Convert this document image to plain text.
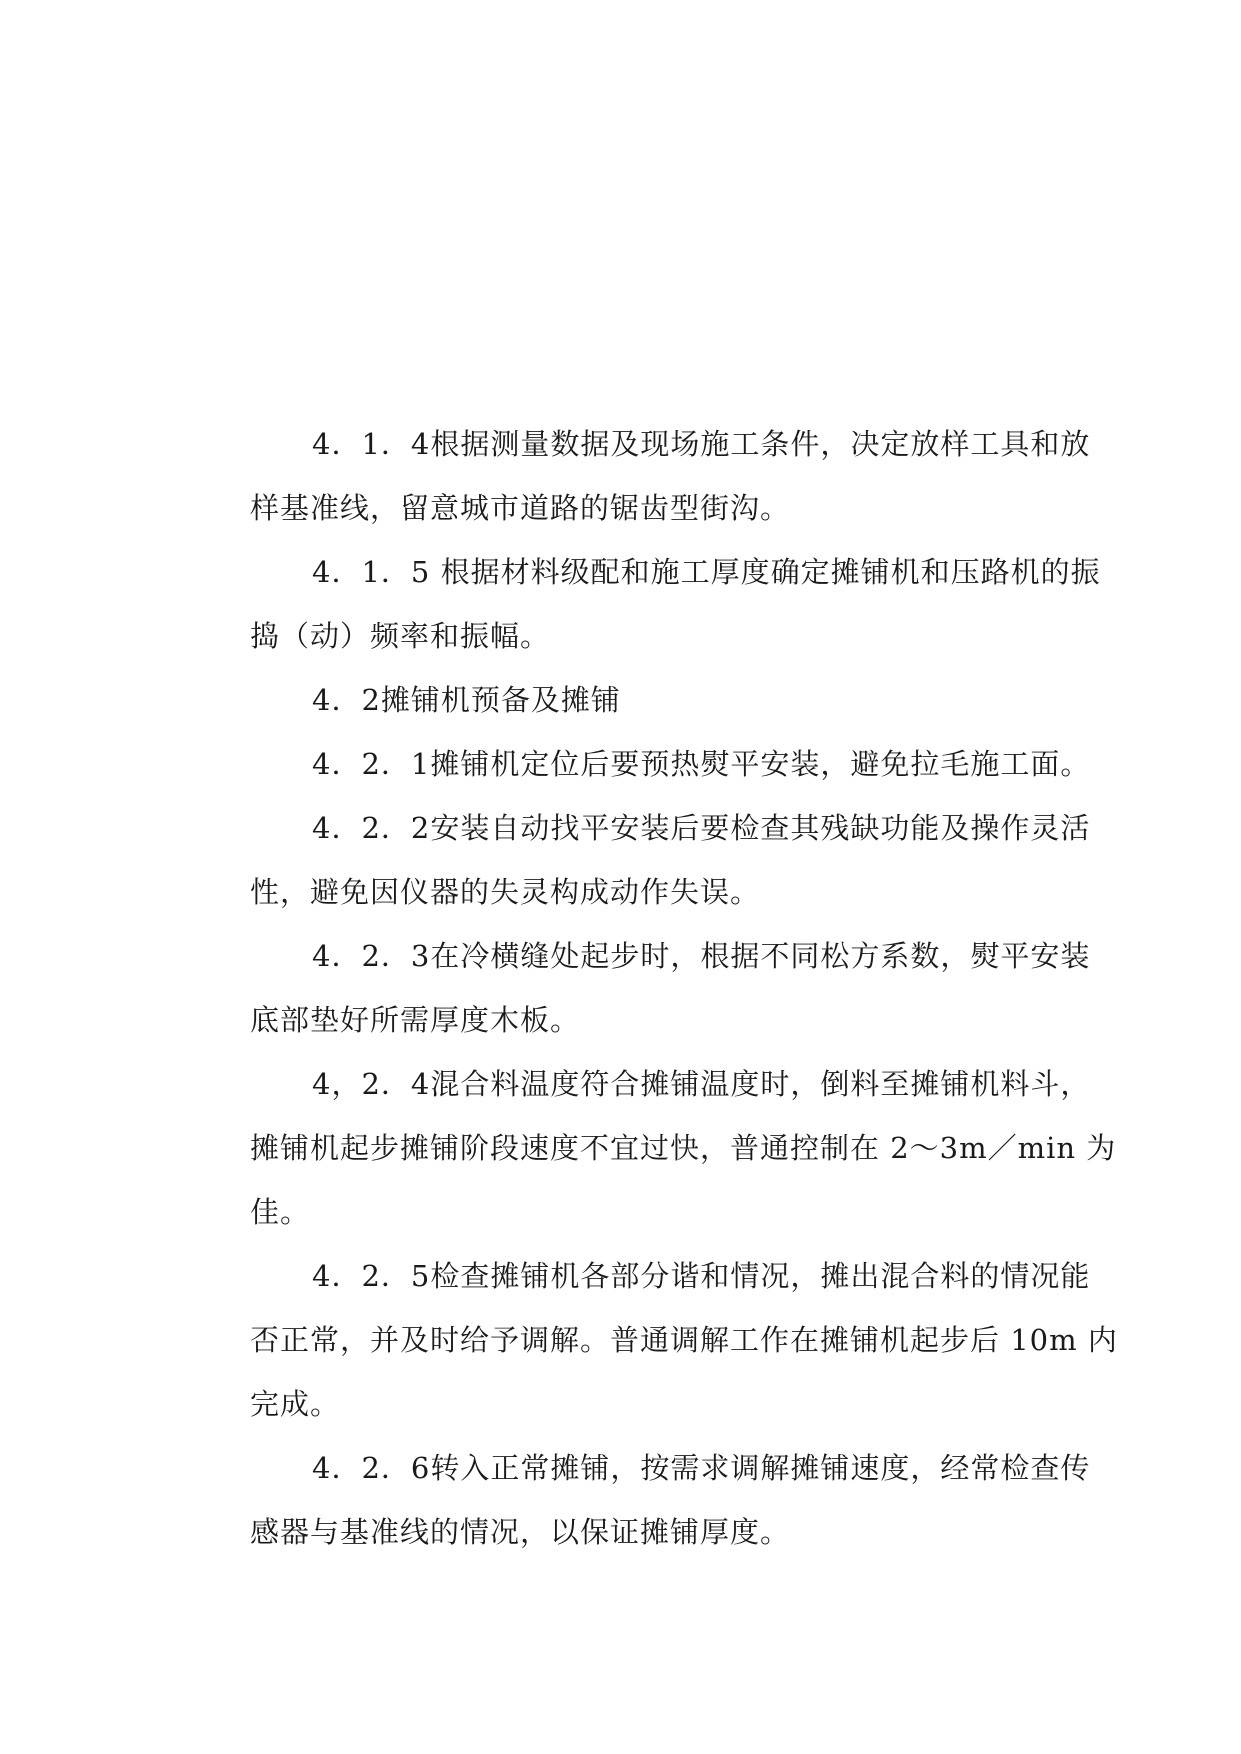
4．1．4根据测量数据及现场施工条件，决定放样工具和放
样基准线，留意城市道路的锯齿型街沟。

4．1．5 根据材料级配和施工厚度确定摊铺机和压路机的振
捣（动）频率和振幅。

4．2摊铺机预备及摊铺

4．2．1摊铺机定位后要预热熨平安装，避免拉毛施工面。

4．2．2安装自动找平安装后要检查其残缺功能及操作灵活
性，避免因仪器的失灵构成动作失误。

4．2．3在冷横缝处起步时，根据不同松方系数，熨平安装
底部垫好所需厚度木板。

4，2．4混合料温度符合摊铺温度时，倒料至摊铺机料斗，
摊铺机起步摊铺阶段速度不宜过快，普通控制在 2～3m／min 为
佳。

4．2．5检查摊铺机各部分谐和情况，摊出混合料的情况能
否正常，并及时给予调解。普通调解工作在摊铺机起步后 10m 内
完成。

4．2．6转入正常摊铺，按需求调解摊铺速度，经常检查传
感器与基准线的情况，以保证摊铺厚度。
